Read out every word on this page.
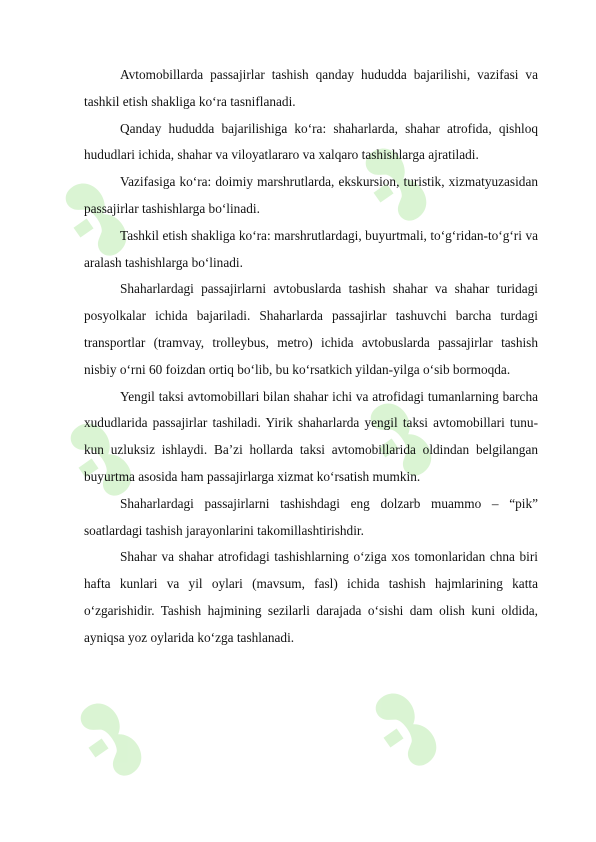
Avtomobillarda passajirlar tashish qanday hududda bajarilishi, vazifasi va tashkil etish shakliga ko‘ra tasniflanadi.

Qanday hududda bajarilishiga ko‘ra: shaharlarda, shahar atrofida, qishloq hududlari ichida, shahar va viloyatlararo va xalqaro tashishlarga ajratiladi.

Vazifasiga ko‘ra: doimiy marshrutlarda, ekskursion, turistik, xizmatyuzasidan passajirlar tashishlarga bo‘linadi.

Tashkil etish shakliga ko‘ra: marshrutlardagi, buyurtmali, to‘g‘ridan-to‘g‘ri va aralash tashishlarga bo‘linadi.

Shaharlardagi passajirlarni avtobuslarda tashish shahar va shahar turidagi posyolkalar ichida bajariladi. Shaharlarda passajirlar tashuvchi barcha turdagi transportlar (tramvay, trolleybus, metro) ichida avtobuslarda passajirlar tashish nisbiy o‘rni 60 foizdan ortiq bo‘lib, bu ko‘rsatkich yildan-yilga o‘sib bormoqda.

Yengil taksi avtomobillari bilan shahar ichi va atrofidagi tumanlarning barcha xududlarida passajirlar tashiladi. Yirik shaharlarda yengil taksi avtomobillari tunu-kun uzluksiz ishlaydi. Ba’zi hollarda taksi avtomobillarida oldindan belgilangan buyurtma asosida ham passajirlarga xizmat ko‘rsatish mumkin.

Shaharlardagi passajirlarni tashishdagi eng dolzarb muammo – “pik” soatlardagi tashish jarayonlarini takomillashtirishdir.

Shahar va shahar atrofidagi tashishlarning o‘ziga xos tomonlaridan chna biri hafta kunlari va yil oylari (mavsum, fasl) ichida tashish hajmlarining katta o‘zgarishidir. Tashish hajmining sezilarli darajada o‘sishi dam olish kuni oldida, ayniqsa yoz oylarida ko‘zga tashlanadi.
